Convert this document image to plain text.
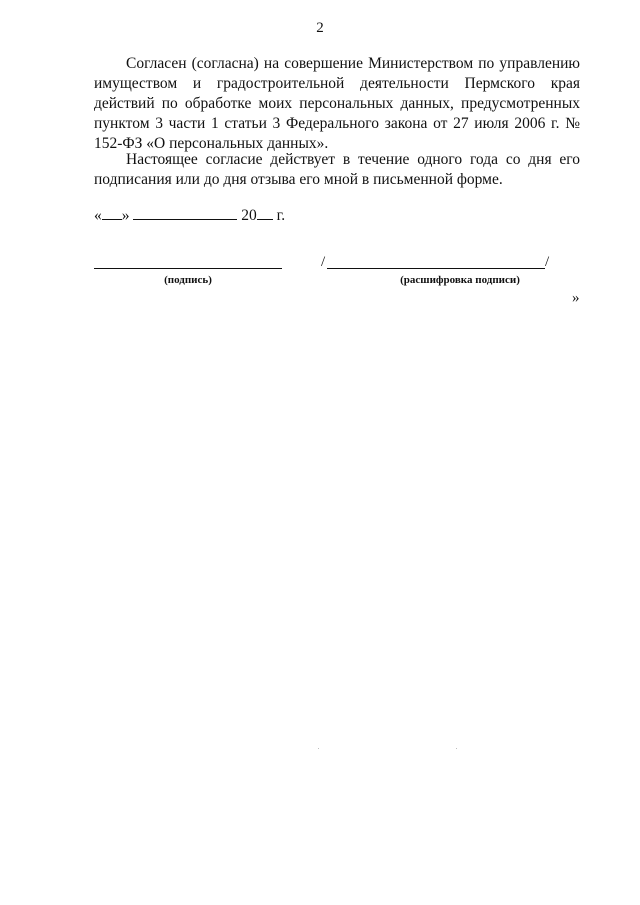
2

Согласен (согласна) на совершение Министерством по управлению имуществом и градостроительной деятельности Пермского края действий по обработке моих персональных данных, предусмотренных пунктом 3 части 1 статьи 3 Федерального закона от 27 июля 2006 г. № 152-ФЗ «О персональных данных».

Настоящее согласие действует в течение одного года со дня его подписания или до дня отзыва его мной в письменной форме.

« »	20 г.
/	/
(подпись)	(расшифровка подписи)
»
